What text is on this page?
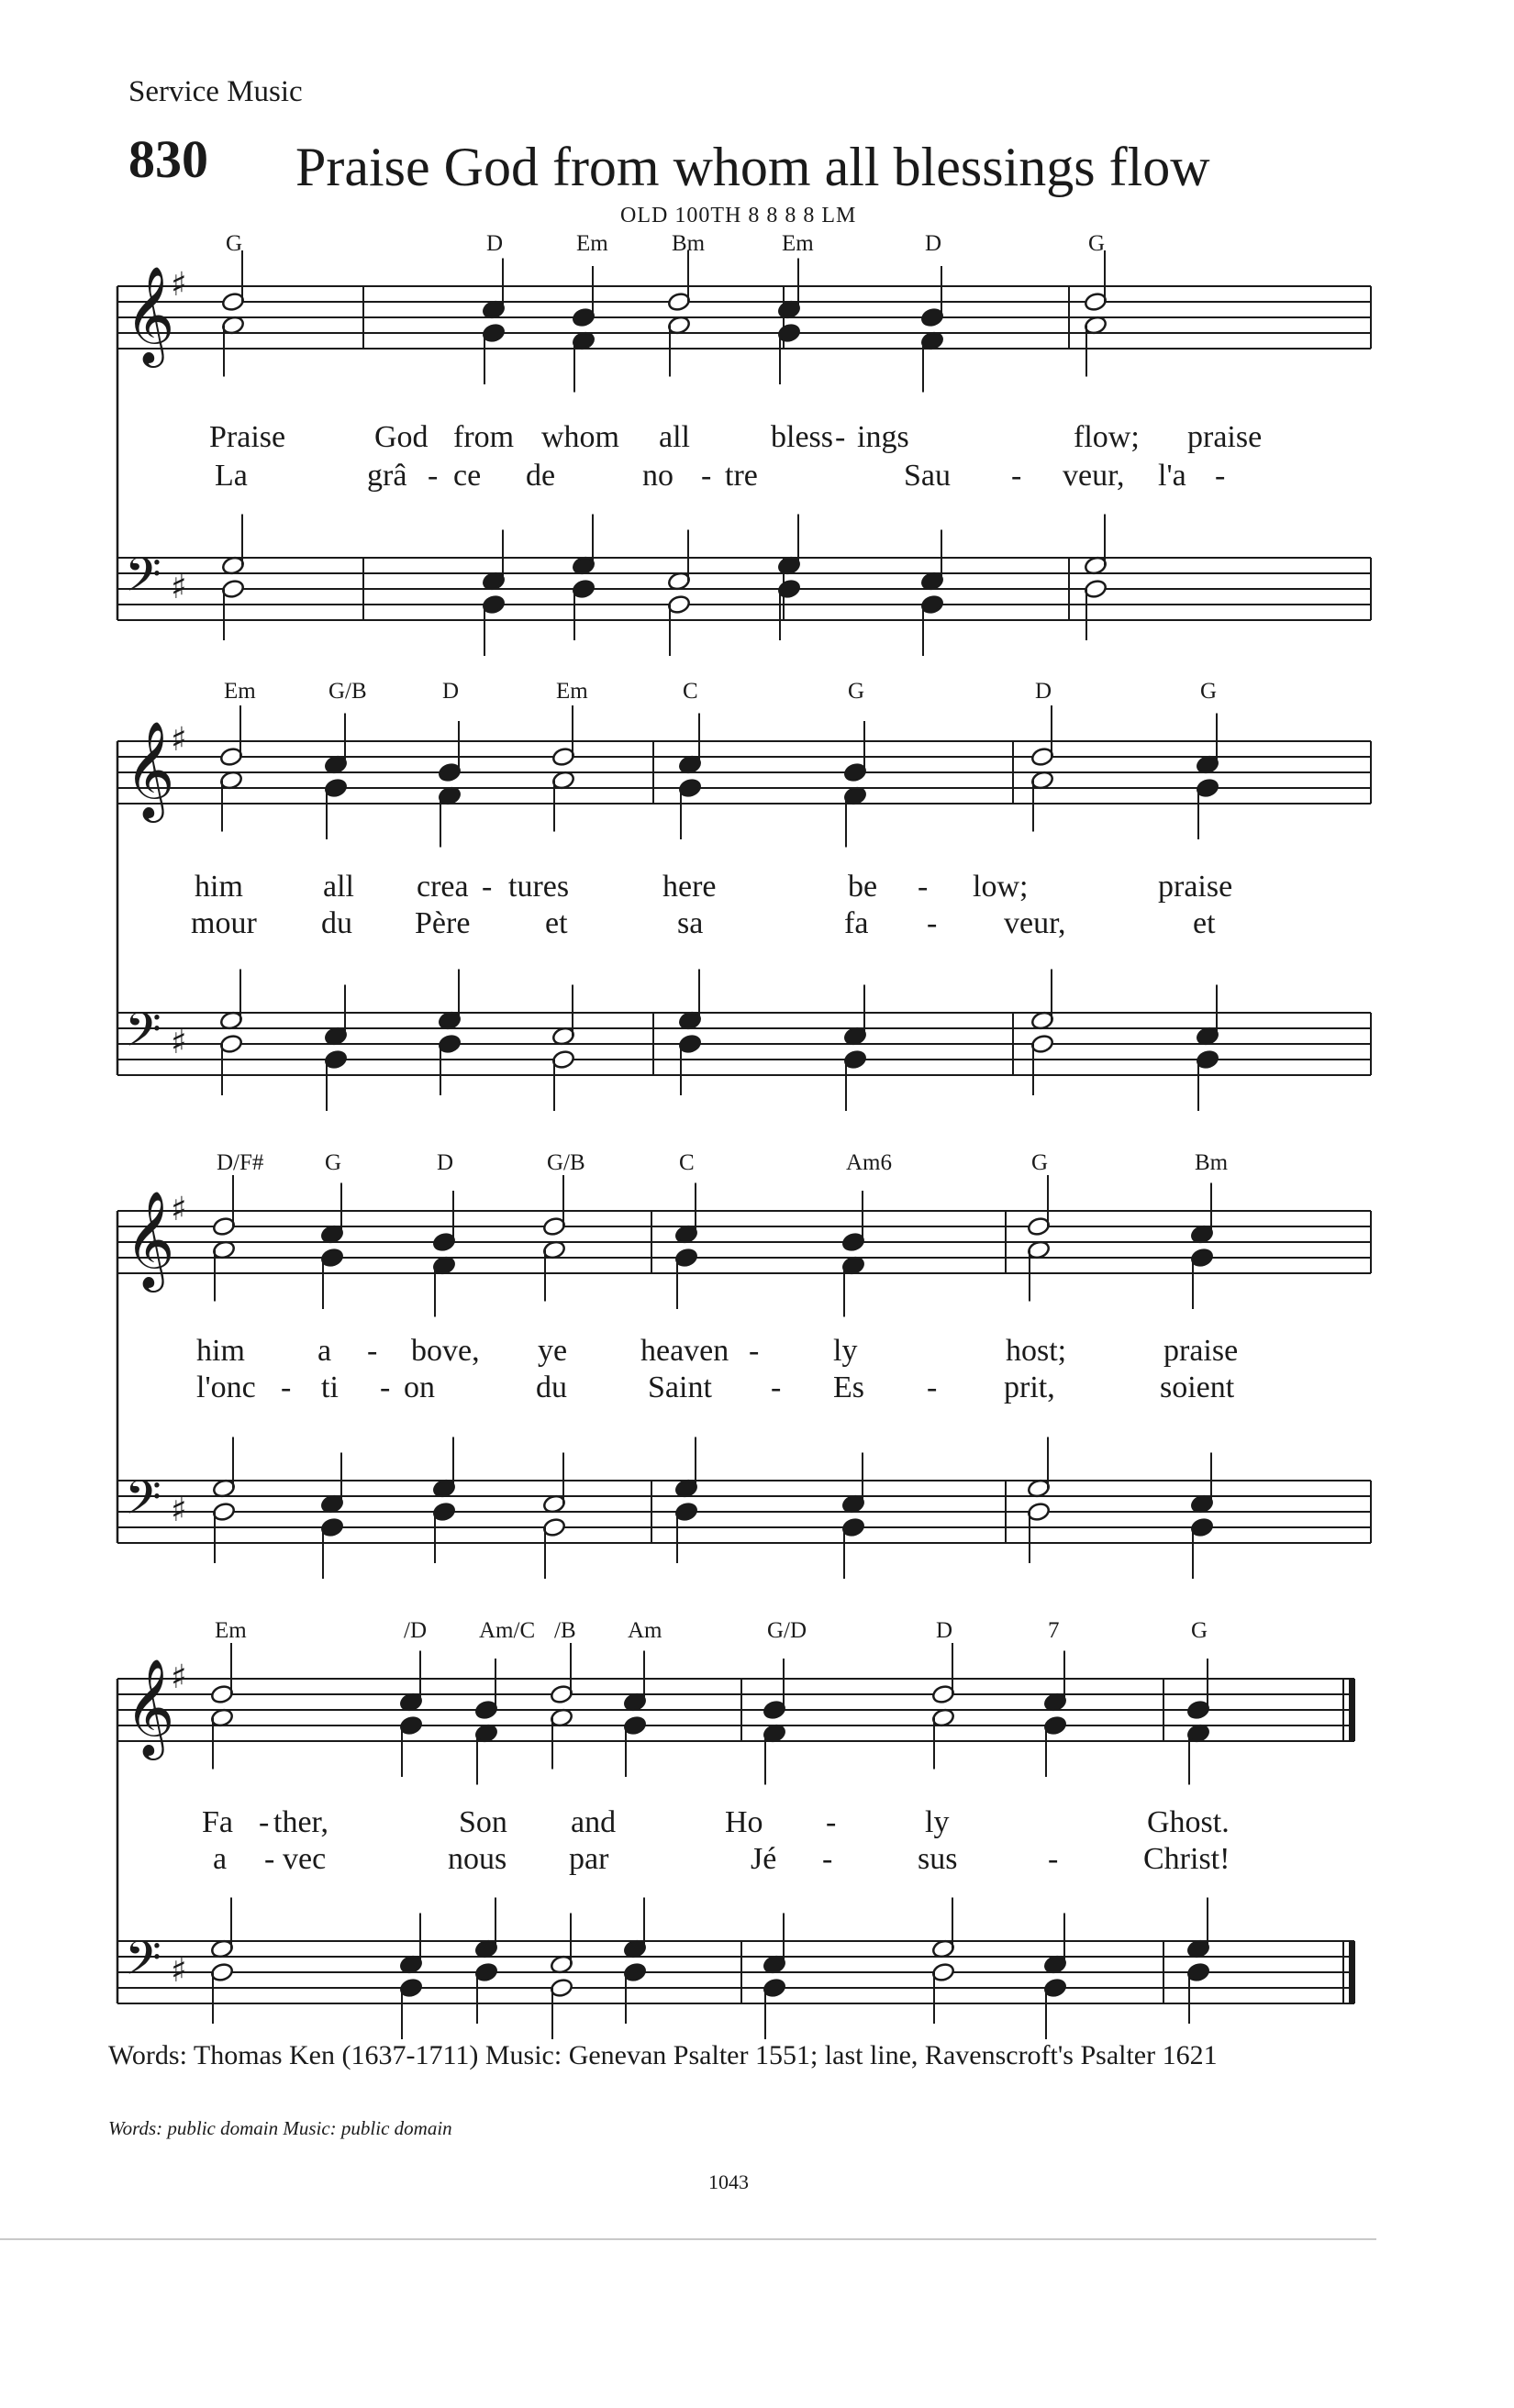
Service Music
830 Praise God from whom all blessings flow
OLD 100TH 8 8 8 8 LM
𝄞
♯
𝄢 ♯
𝄞
♯
𝄢 ♯
𝄞
♯
𝄢 ♯
𝄞
♯
𝄢 ♯
G	D	Em	Bm	Em	D	G
Praise	God from whom all	bless - ings	flow; praise
La	grâ - ce de	no - tre	Sau - veur, l'a -
Em	G/B	D	Em	C	G	D	G
him	all crea - tures	here	be - low;	praise
mour du Père et	sa	fa - veur,	et
D/F#	G	D	G/B	C	Am6	G	Bm
him a - bove, ye heaven - ly	host;	praise
l'onc - ti - on	du	Saint - Es - prit,	soient
Em	/D Am/C /B Am	G/D	D	7	G
Fa - ther,	Son and	Ho -	ly	Ghost.
a - vec	nous par	Jé -	sus	-	Christ!
Words: Thomas Ken (1637-1711) Music: Genevan Psalter 1551; last line, Ravenscroft's Psalter 1621
Words: public domain Music: public domain
1043
